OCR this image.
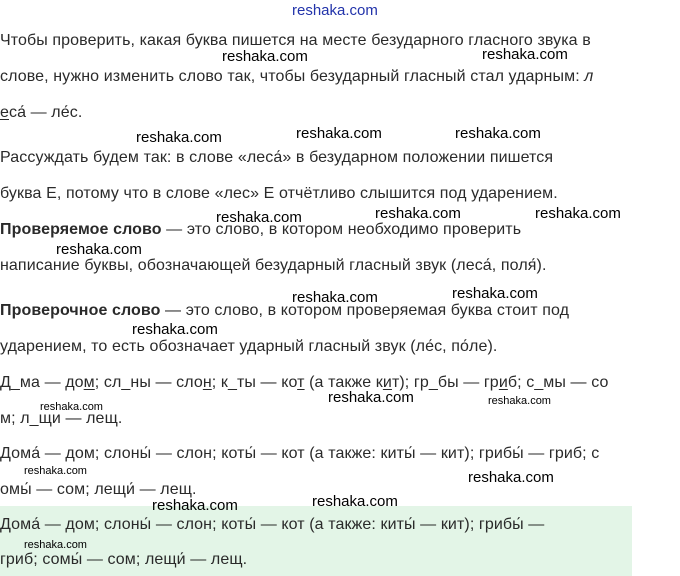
reshaka.com
Чтобы проверить, какая буква пишется на месте безударного гласного звука в
слове, нужно изменить слово так, чтобы безударный гласный стал ударным: л
еса́ — ле́с.
Рассуждать будем так: в слове «леса́» в безударном положении пишется
буква Е, потому что в слове «лес» Е отчётливо слышится под ударением.
Проверяемое слово — это слово, в котором необходимо проверить
написание буквы, обозначающей безударный гласный звук (леса́, поля́).
Проверочное слово — это слово, в котором проверяемая буква стоит под
ударением, то есть обозначает ударный гласный звук (ле́с, по́ле).
Д_ма — дом; сл_ны — слон; к_ты — кот (а также кит); гр_бы — гриб; с_мы — со
м; л_щи — лещ.
Дома́ — дом; слоны́ — слон; коты́ — кот (а также: киты́ — кит); грибы́ — гриб; с
омы́ — сом; лещи́ — лещ.
Дома́ — дом; слоны́ — слон; коты́ — кот (а также: киты́ — кит); грибы́ —
гриб; сомы́ — сом; лещи́ — лещ.
reshaka.com	reshaka.com
reshaka.com	reshaka.com	reshaka.com
reshaka.com	reshaka.com	reshaka.com
reshaka.com
reshaka.com	reshaka.com
reshaka.com
reshaka.com
reshaka.com	reshaka.com
reshaka.com
reshaka.com
reshaka.com
reshaka.com
reshaka.com
